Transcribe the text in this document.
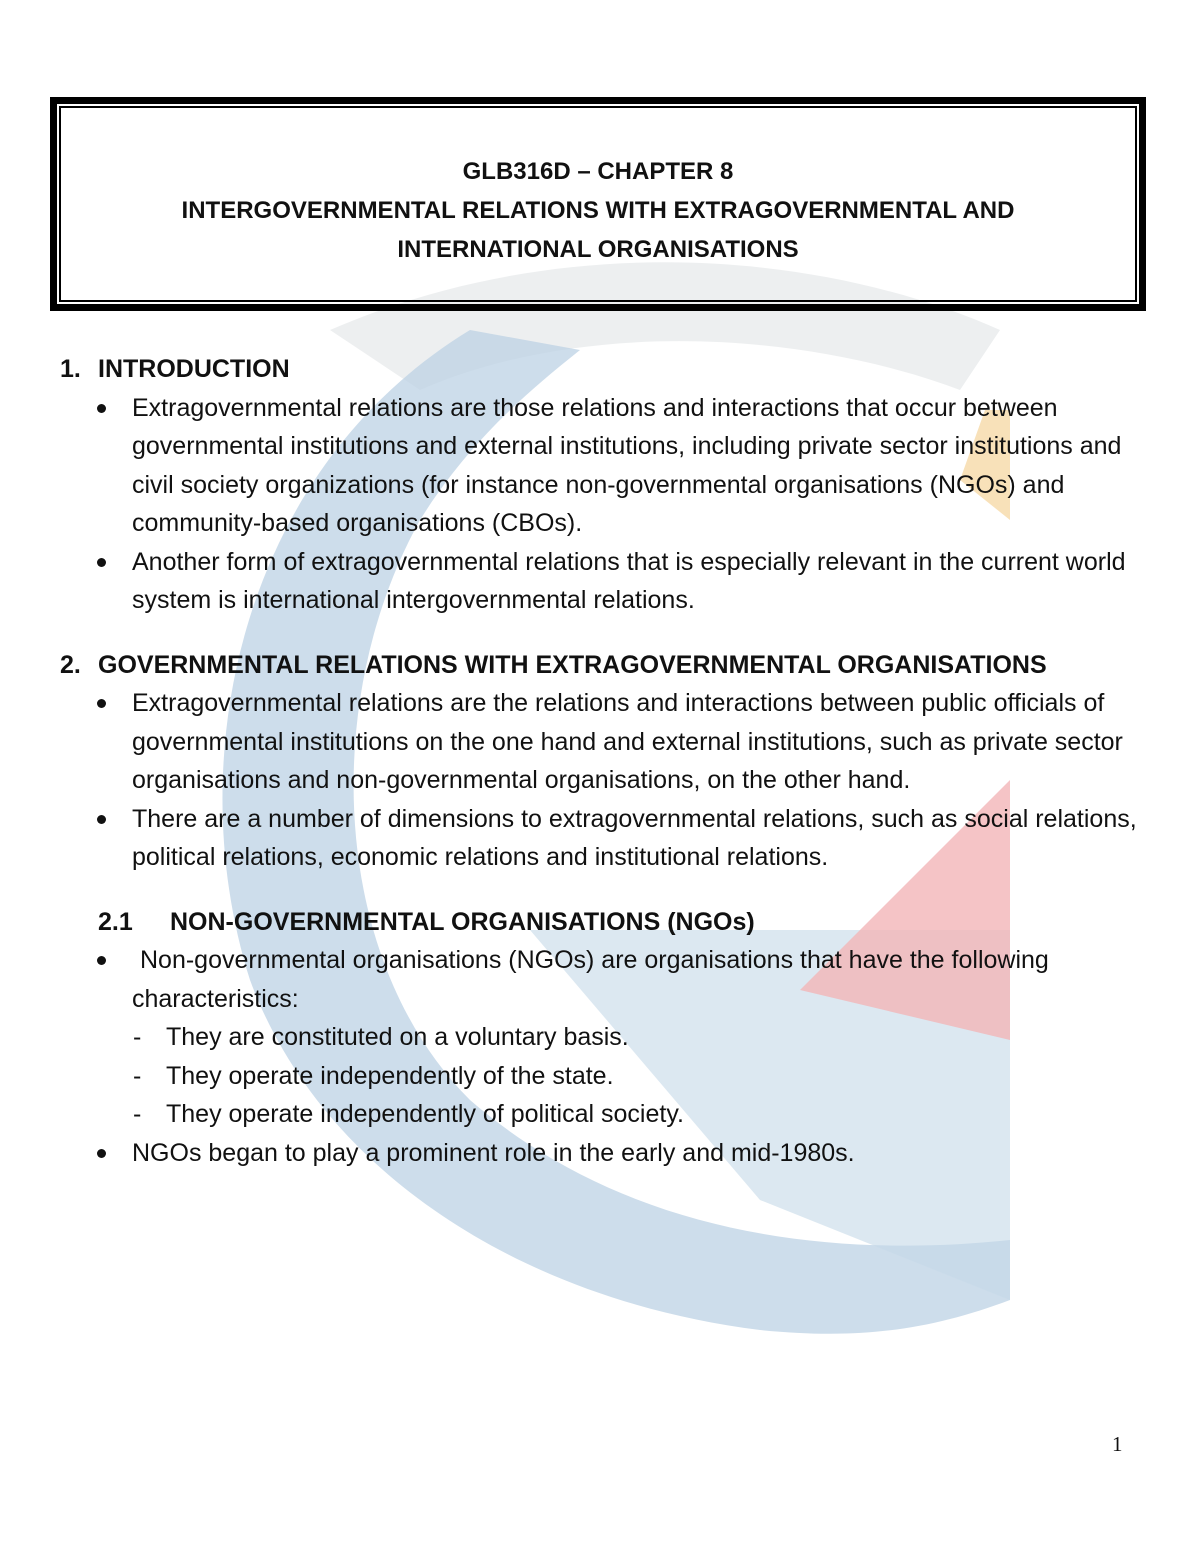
GLB316D – CHAPTER 8
INTERGOVERNMENTAL RELATIONS WITH EXTRAGOVERNMENTAL AND
INTERNATIONAL ORGANISATIONS
1. INTRODUCTION
Extragovernmental relations are those relations and interactions that occur between governmental institutions and external institutions, including private sector institutions and civil society organizations (for instance non-governmental organisations (NGOs) and community-based organisations (CBOs).
Another form of extragovernmental relations that is especially relevant in the current world system is international intergovernmental relations.
2. GOVERNMENTAL RELATIONS WITH EXTRAGOVERNMENTAL ORGANISATIONS
Extragovernmental relations are the relations and interactions between public officials of governmental institutions on the one hand and external institutions, such as private sector organisations and non-governmental organisations, on the other hand.
There are a number of dimensions to extragovernmental relations, such as social relations, political relations, economic relations and institutional relations.
2.1	NON-GOVERNMENTAL ORGANISATIONS (NGOs)
Non-governmental organisations (NGOs) are organisations that have the following characteristics:
- They are constituted on a voluntary basis.
- They operate independently of the state.
- They operate independently of political society.
NGOs began to play a prominent role in the early and mid-1980s.
1
